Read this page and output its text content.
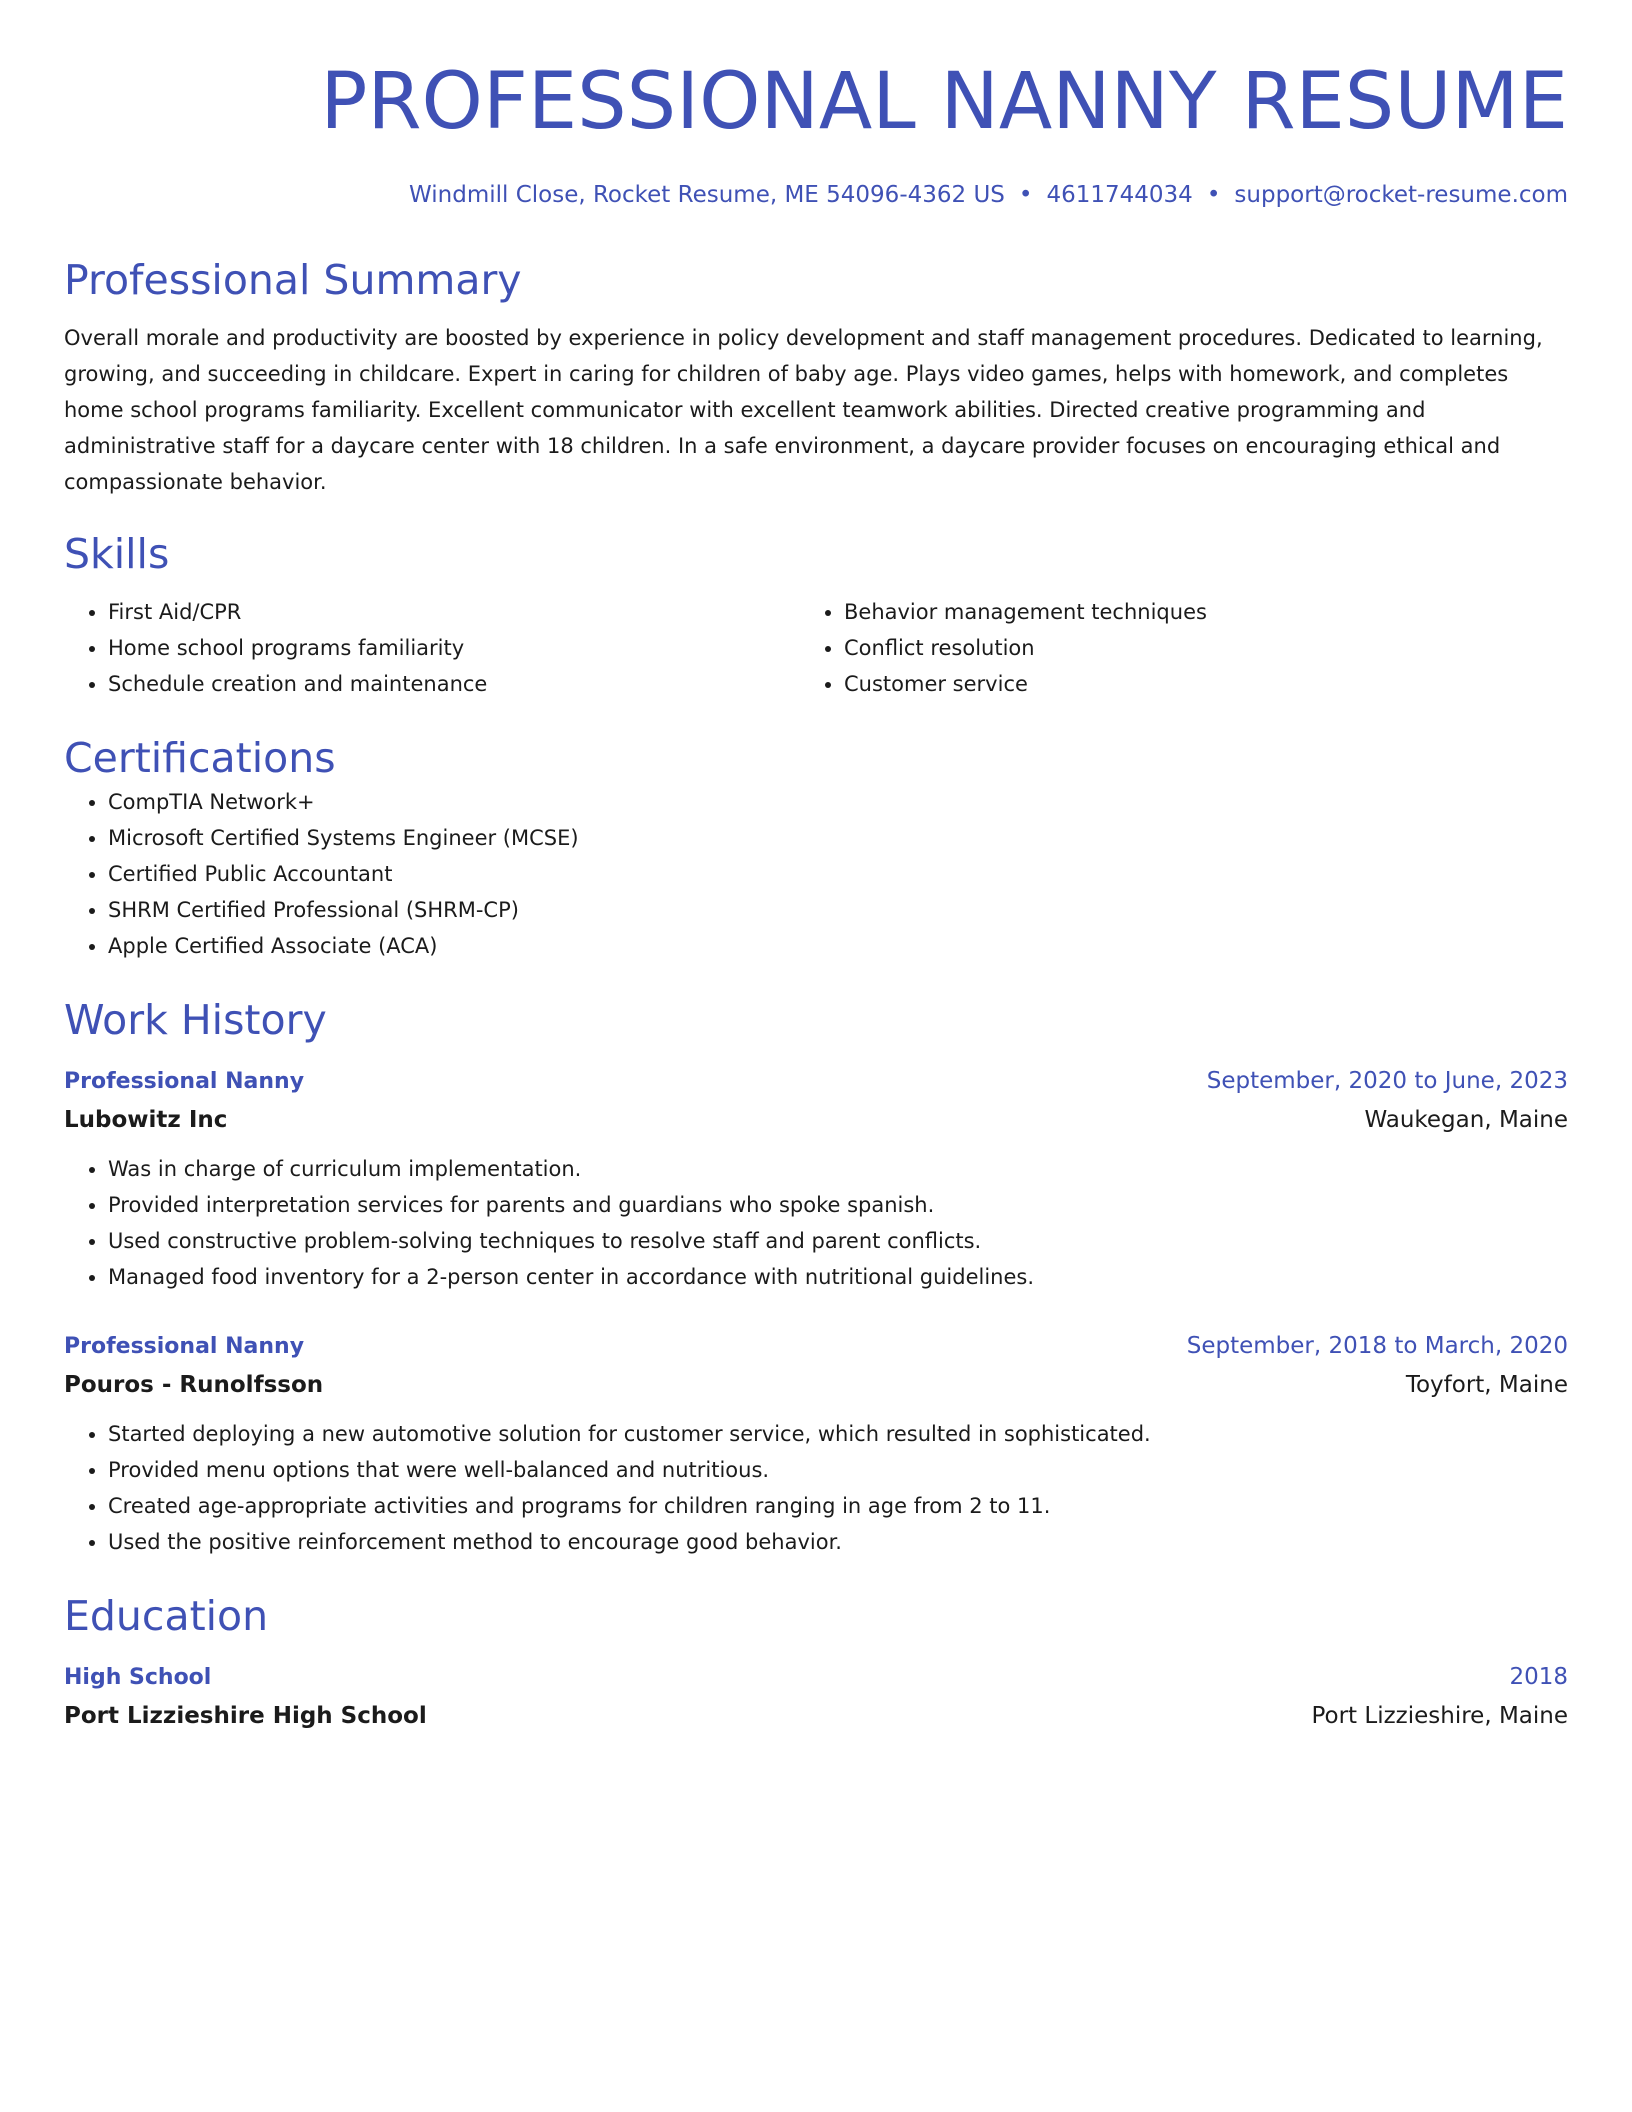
PROFESSIONAL NANNY RESUME
Windmill Close, Rocket Resume, ME 54096-4362 US • 4611744034 • support@rocket-resume.com
Professional Summary

Overall morale and productivity are boosted by experience in policy development and staff management procedures. Dedicated to learning, growing, and succeeding in childcare. Expert in caring for children of baby age. Plays video games, helps with homework, and completes home school programs familiarity. Excellent communicator with excellent teamwork abilities. Directed creative programming and administrative staff for a daycare center with 18 children. In a safe environment, a daycare provider focuses on encouraging ethical and compassionate behavior.

Skills
• First Aid/CPR
• Home school programs familiarity
• Schedule creation and maintenance
• Behavior management techniques
• Conflict resolution
• Customer service
Certifications
• CompTIA Network+
• Microsoft Certified Systems Engineer (MCSE)
• Certified Public Accountant
• SHRM Certified Professional (SHRM-CP)
• Apple Certified Associate (ACA)
Work History
Professional Nanny	September, 2020 to June, 2023
Lubowitz Inc	Waukegan, Maine
• Was in charge of curriculum implementation.
• Provided interpretation services for parents and guardians who spoke spanish.
• Used constructive problem-solving techniques to resolve staff and parent conflicts.
• Managed food inventory for a 2-person center in accordance with nutritional guidelines.
Professional Nanny	September, 2018 to March, 2020
Pouros - Runolfsson	Toyfort, Maine
• Started deploying a new automotive solution for customer service, which resulted in sophisticated.
• Provided menu options that were well-balanced and nutritious.
• Created age-appropriate activities and programs for children ranging in age from 2 to 11.
• Used the positive reinforcement method to encourage good behavior.
Education
High School	2018
Port Lizzieshire High School	Port Lizzieshire, Maine
